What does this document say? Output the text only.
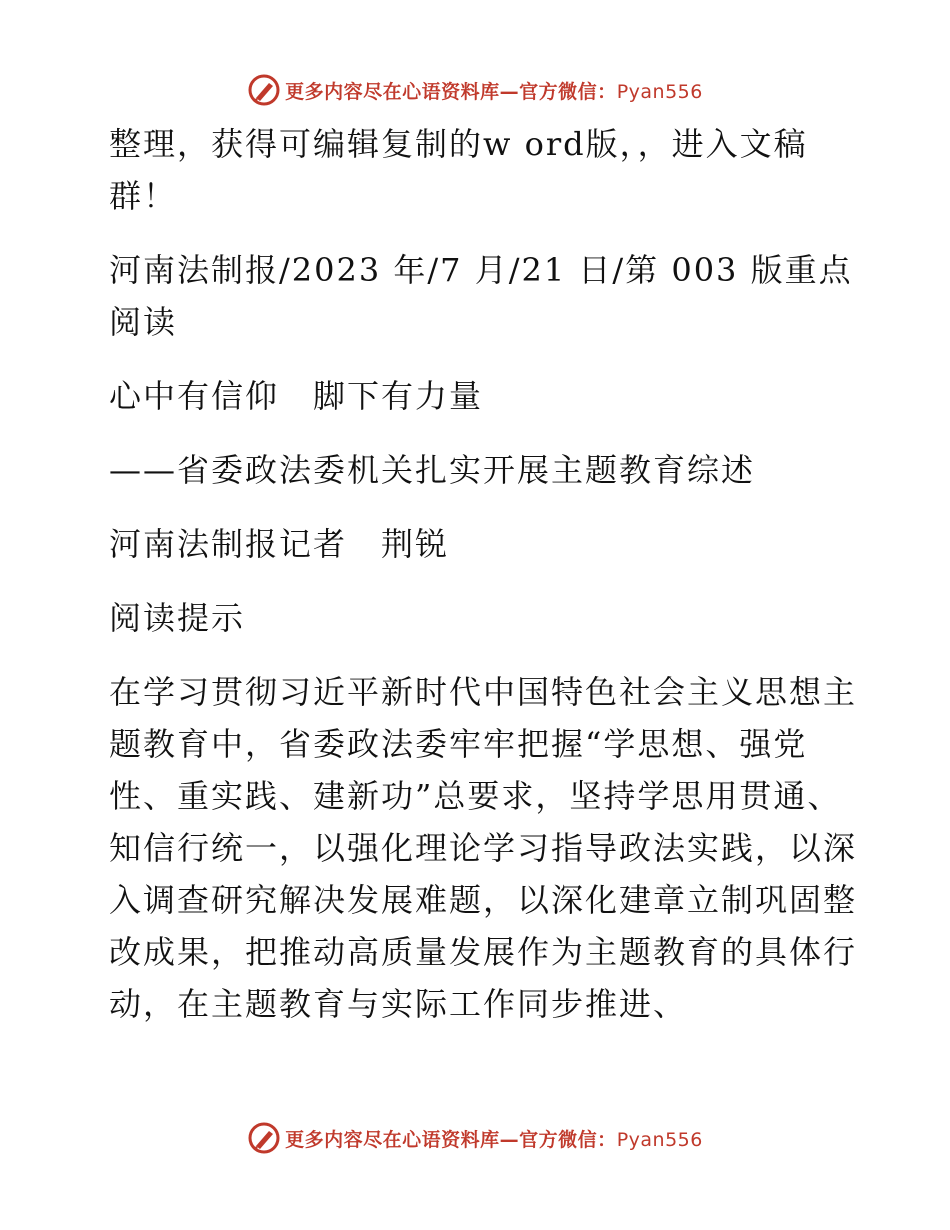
更多内容尽在心语资料库—官方微信：Pyan556

整理，获得可编辑复制的w ord版，，进入文稿群！

河南法制报/2023 年/7 月/21 日/第 003 版重点阅读

心中有信仰　脚下有力量

——省委政法委机关扎实开展主题教育综述

河南法制报记者　荆锐

阅读提示

在学习贯彻习近平新时代中国特色社会主义思想主题教育中，省委政法委牢牢把握“学思想、强党性、重实践、建新功”总要求，坚持学思用贯通、知信行统一，以强化理论学习指导政法实践，以深入调查研究解决发展难题，以深化建章立制巩固整改成果，把推动高质量发展作为主题教育的具体行动，在主题教育与实际工作同步推进、

更多内容尽在心语资料库—官方微信：Pyan556
